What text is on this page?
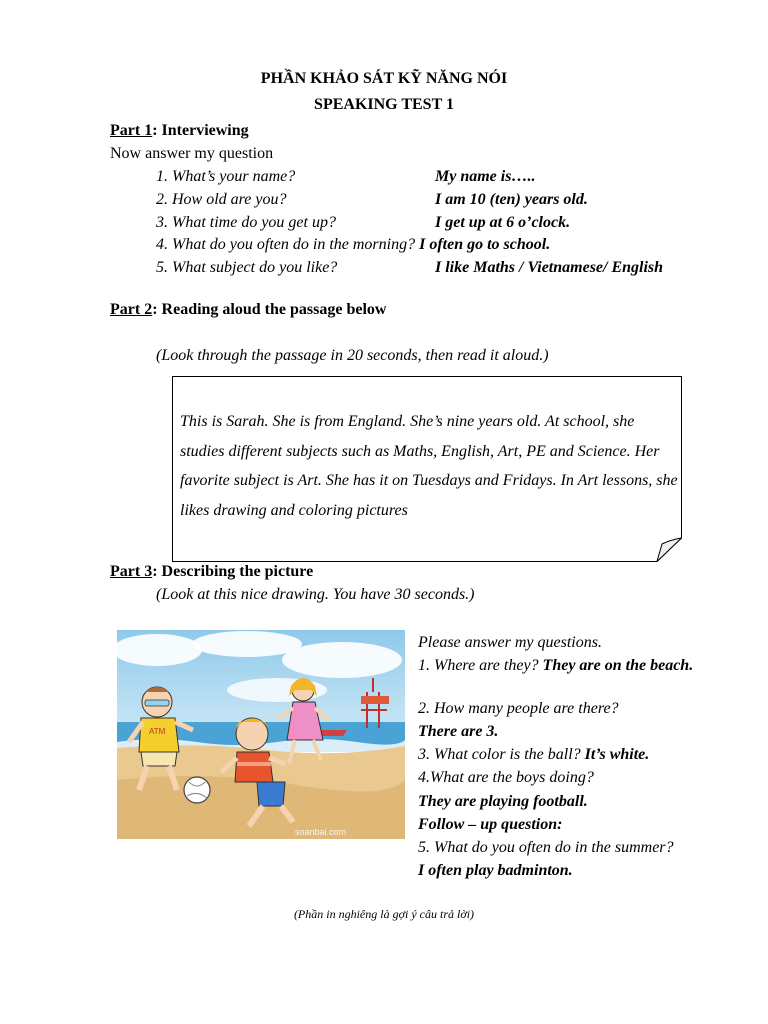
PHẦN KHẢO SÁT KỸ NĂNG NÓI
SPEAKING TEST 1
Part 1: Interviewing
Now answer my question
1. What’s your name?	My name is…..
2. How old are you?	I am 10 (ten) years old.
3. What time do you get up?	I get up at 6 o’clock.
4. What do you often do in the morning? I often go to school.
5. What subject do you like?	I like Maths / Vietnamese/ English
Part 2: Reading aloud the passage below
(Look through the passage in 20 seconds, then read it aloud.)
This is Sarah. She is from England. She’s nine years old. At school, she studies different subjects such as Maths, English, Art, PE and Science. Her favorite subject is Art. She has it on Tuesdays and Fridays. In Art lessons, she likes drawing and coloring pictures
Part 3: Describing the picture
(Look at this nice drawing. You have 30 seconds.)
ATM
soanbai.com
Please answer my questions.
1. Where are they? They are on the beach.
2. How many people are there?
There are 3.
3. What color is the ball? It’s white.
4.What are the boys doing?
They are playing football.
Follow – up question:
5. What do you often do in the summer?
I often play badminton.
(Phần in nghiêng là gợi ý câu trả lời)
